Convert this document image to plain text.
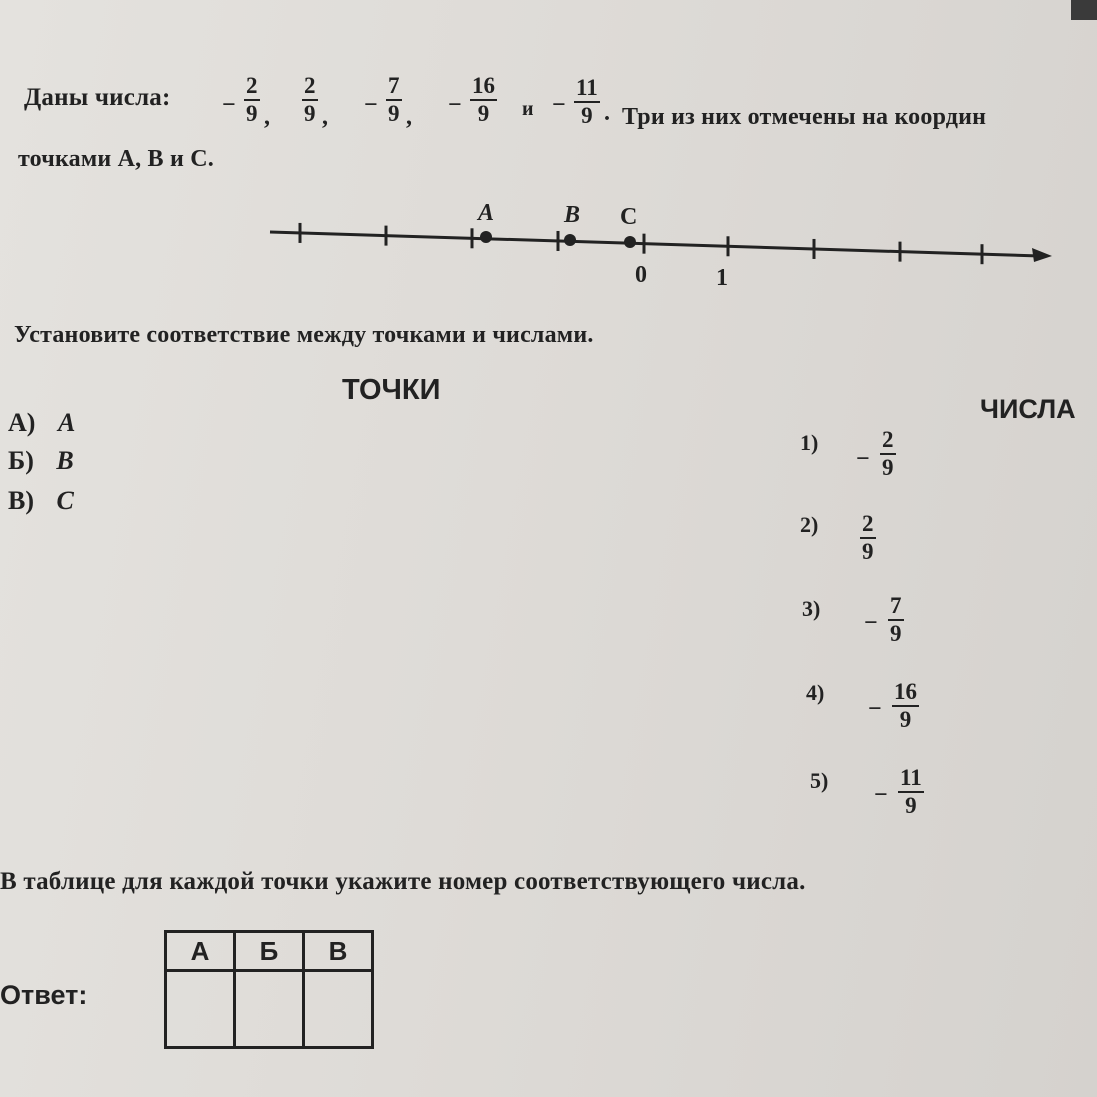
Даны числа: −
2
9 ,
2
9 , −
7
9 , −
16
9 и −
11
9 . Три из них отмечены на координ
точками А, В и С.
A	B C
0	1
Установите соответствие между точками и числами.
ТОЧКИ
А) A
Б) B
В) C
ЧИСЛА
1)
−
2
9
2) 2
9
3)
−
7
9
4)
−
16
9
5)
−
11
9
В таблице для каждой точки укажите номер соответствующего числа.
Ответ:
А	Б	В
